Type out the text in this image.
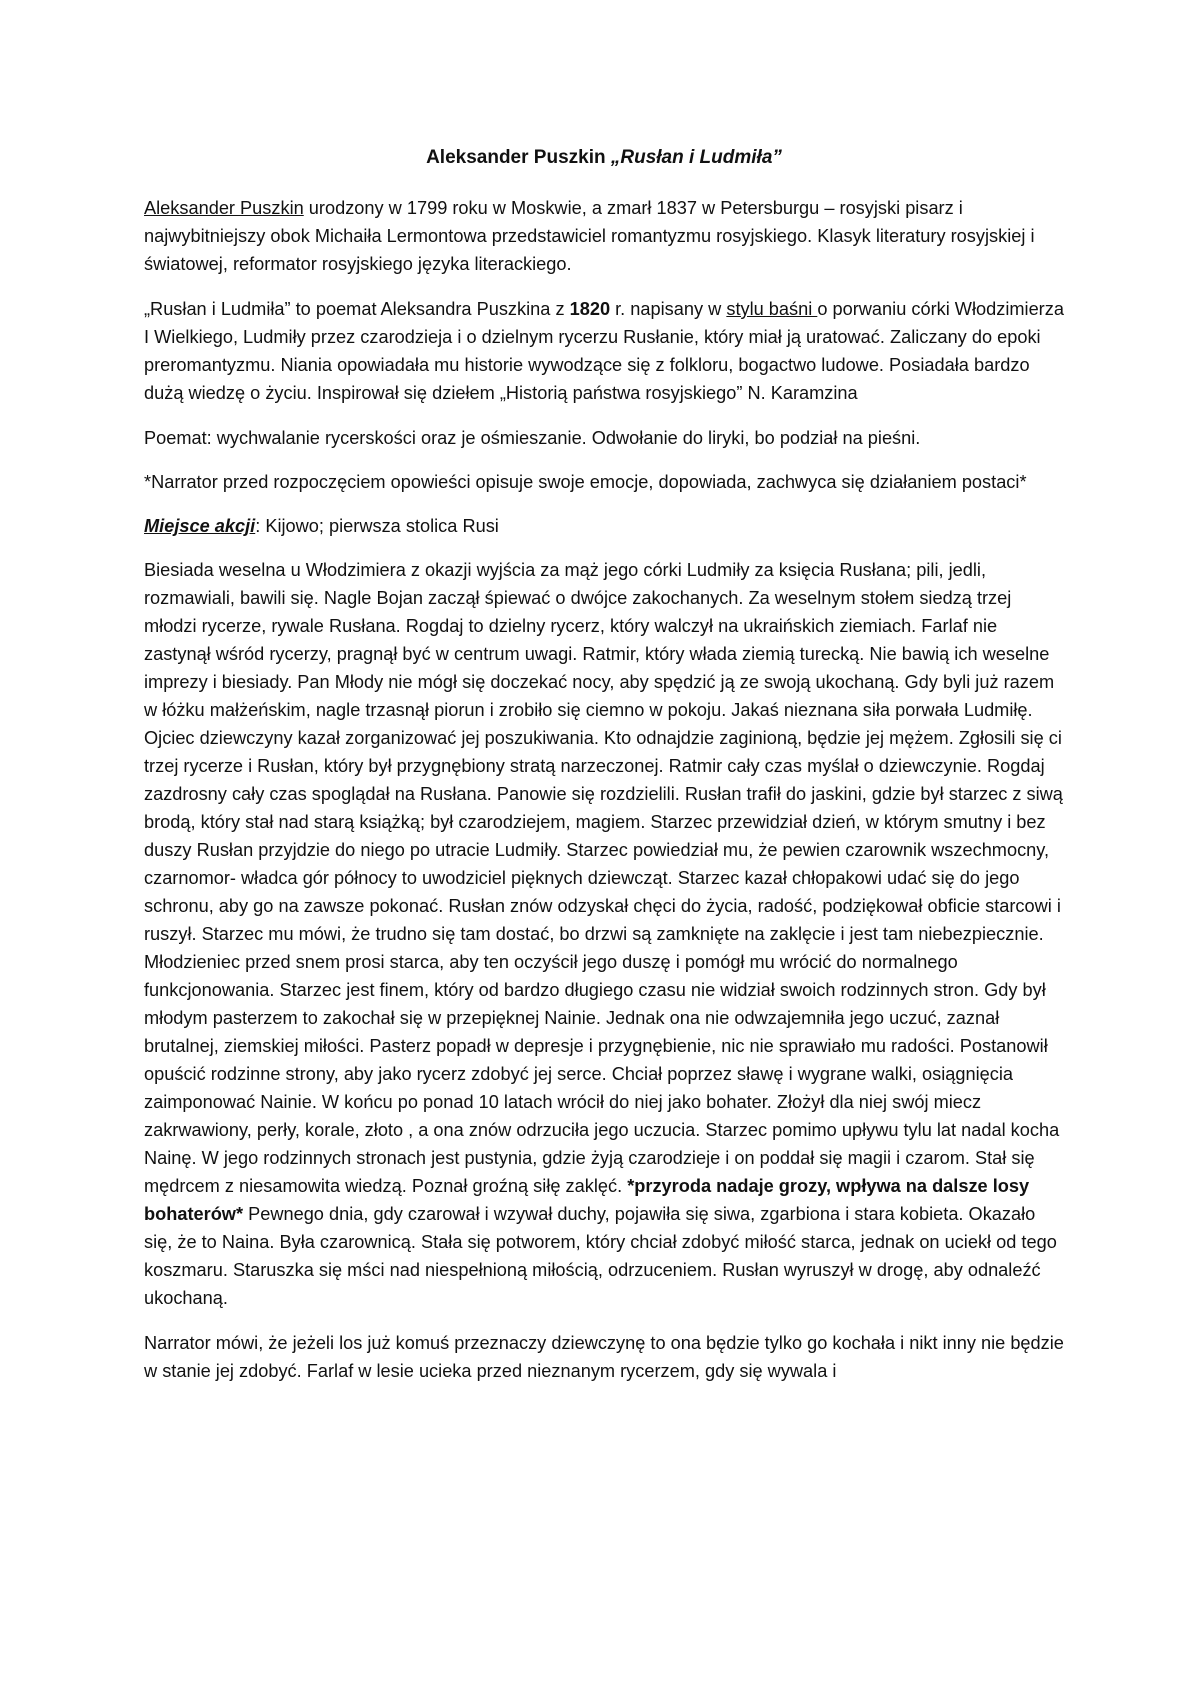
Aleksander Puszkin „Rusłan i Ludmiła”

Aleksander Puszkin urodzony w 1799 roku w Moskwie, a zmarł 1837 w Petersburgu – rosyjski pisarz i najwybitniejszy obok Michaiła Lermontowa przedstawiciel romantyzmu rosyjskiego. Klasyk literatury rosyjskiej i światowej, reformator rosyjskiego języka literackiego.

„Rusłan i Ludmiła” to poemat Aleksandra Puszkina z 1820 r. napisany w stylu baśni o porwaniu córki Włodzimierza I Wielkiego, Ludmiły przez czarodzieja i o dzielnym rycerzu Rusłanie, który miał ją uratować. Zaliczany do epoki preromantyzmu. Niania opowiadała mu historie wywodzące się z folkloru, bogactwo ludowe. Posiadała bardzo dużą wiedzę o życiu. Inspirował się dziełem „Historią państwa rosyjskiego” N. Karamzina

Poemat: wychwalanie rycerskości oraz je ośmieszanie. Odwołanie do liryki, bo podział na pieśni.

*Narrator przed rozpoczęciem opowieści opisuje swoje emocje, dopowiada, zachwyca się działaniem postaci*

Miejsce akcji: Kijowo; pierwsza stolica Rusi

Biesiada weselna u Włodzimiera z okazji wyjścia za mąż jego córki Ludmiły za księcia Rusłana; pili, jedli, rozmawiali, bawili się. Nagle Bojan zaczął śpiewać o dwójce zakochanych. Za weselnym stołem siedzą trzej młodzi rycerze, rywale Rusłana. Rogdaj to dzielny rycerz, który walczył na ukraińskich ziemiach. Farlaf nie zastynął wśród rycerzy, pragnął być w centrum uwagi. Ratmir, który włada ziemią turecką. Nie bawią ich weselne imprezy i biesiady. Pan Młody nie mógł się doczekać nocy, aby spędzić ją ze swoją ukochaną. Gdy byli już razem w łóżku małżeńskim, nagle trzasnął piorun i zrobiło się ciemno w pokoju. Jakaś nieznana siła porwała Ludmiłę. Ojciec dziewczyny kazał zorganizować jej poszukiwania. Kto odnajdzie zaginioną, będzie jej mężem. Zgłosili się ci trzej rycerze i Rusłan, który był przygnębiony stratą narzeczonej. Ratmir cały czas myślał o dziewczynie. Rogdaj zazdrosny cały czas spoglądał na Rusłana. Panowie się rozdzielili. Rusłan trafił do jaskini, gdzie był starzec z siwą brodą, który stał nad starą książką; był czarodziejem, magiem. Starzec przewidział dzień, w którym smutny i bez duszy Rusłan przyjdzie do niego po utracie Ludmiły. Starzec powiedział mu, że pewien czarownik wszechmocny, czarnomor- władca gór północy to uwodziciel pięknych dziewcząt. Starzec kazał chłopakowi udać się do jego schronu, aby go na zawsze pokonać. Rusłan znów odzyskał chęci do życia, radość, podziękował obficie starcowi i ruszył. Starzec mu mówi, że trudno się tam dostać, bo drzwi są zamknięte na zaklęcie i jest tam niebezpiecznie. Młodzieniec przed snem prosi starca, aby ten oczyścił jego duszę i pomógł mu wrócić do normalnego funkcjonowania. Starzec jest finem, który od bardzo długiego czasu nie widział swoich rodzinnych stron. Gdy był młodym pasterzem to zakochał się w przepięknej Nainie. Jednak ona nie odwzajemniła jego uczuć, zaznał brutalnej, ziemskiej miłości. Pasterz popadł w depresje i przygnębienie, nic nie sprawiało mu radości. Postanowił opuścić rodzinne strony, aby jako rycerz zdobyć jej serce. Chciał poprzez sławę i wygrane walki, osiągnięcia zaimponować Nainie. W końcu po ponad 10 latach wrócił do niej jako bohater. Złożył dla niej swój miecz zakrwawiony, perły, korale, złoto , a ona znów odrzuciła jego uczucia. Starzec pomimo upływu tylu lat nadal kocha Nainę. W jego rodzinnych stronach jest pustynia, gdzie żyją czarodzieje i on poddał się magii i czarom. Stał się mędrcem z niesamowita wiedzą. Poznał groźną siłę zaklęć. *przyroda nadaje grozy, wpływa na dalsze losy bohaterów* Pewnego dnia, gdy czarował i wzywał duchy, pojawiła się siwa, zgarbiona i stara kobieta. Okazało się, że to Naina. Była czarownicą. Stała się potworem, który chciał zdobyć miłość starca, jednak on uciekł od tego koszmaru. Staruszka się mści nad niespełnioną miłością, odrzuceniem. Rusłan wyruszył w drogę, aby odnaleźć ukochaną.

Narrator mówi, że jeżeli los już komuś przeznaczy dziewczynę to ona będzie tylko go kochała i nikt inny nie będzie w stanie jej zdobyć. Farlaf w lesie ucieka przed nieznanym rycerzem, gdy się wywala i
